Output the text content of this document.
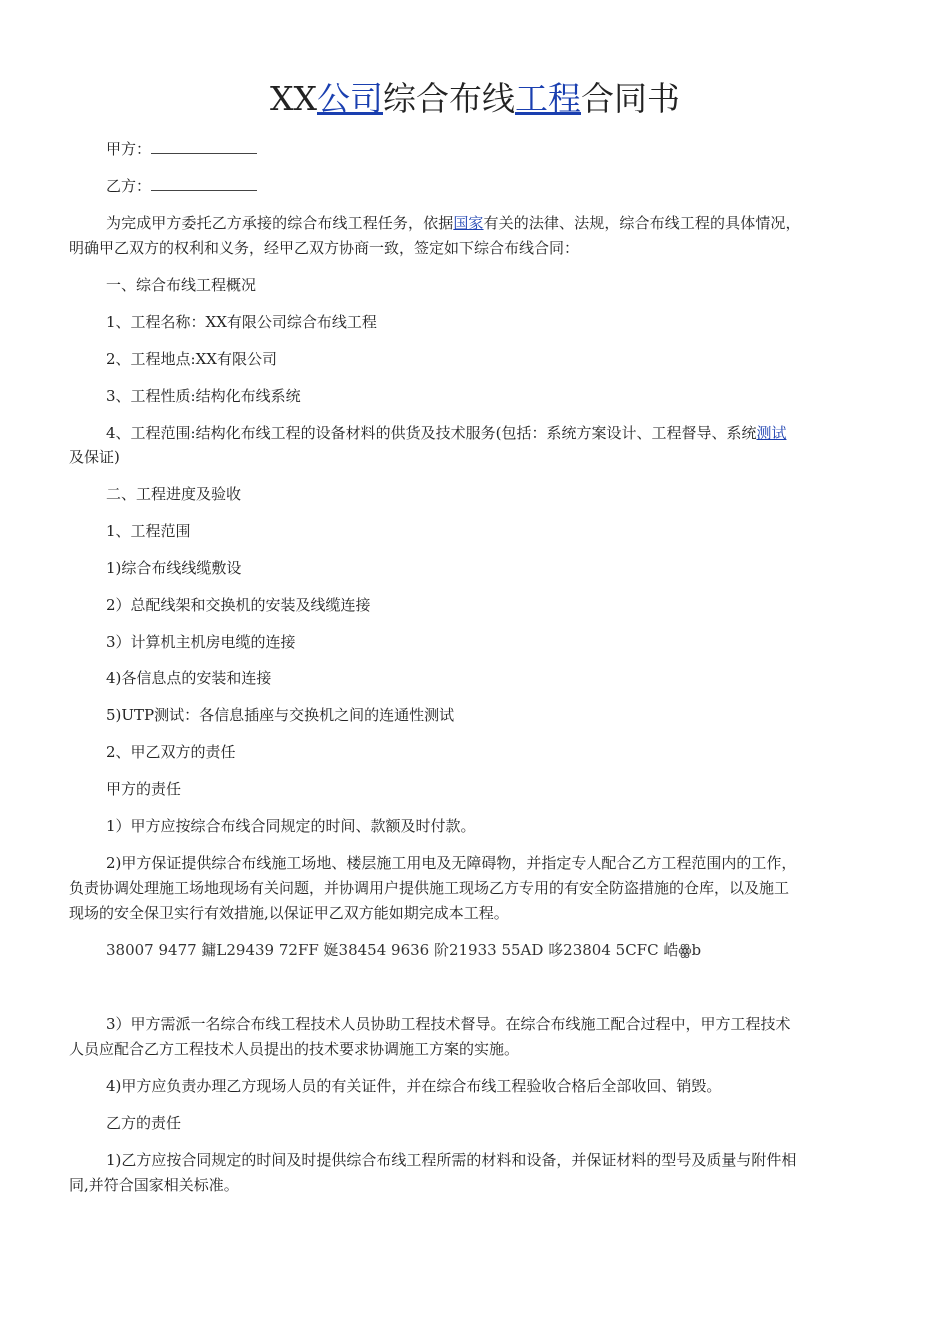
XX公司综合布线工程合同书
甲方：
乙方：
为完成甲方委托乙方承接的综合布线工程任务，依据国家有关的法律、法规，综合布线工程的具体情况，
明确甲乙双方的权利和义务，经甲乙双方协商一致，签定如下综合布线合同：
一、综合布线工程概况
1、工程名称：XX有限公司综合布线工程
2、工程地点:XX有限公司
3、工程性质:结构化布线系统
4、工程范围:结构化布线工程的设备材料的供货及技术服务(包括：系统方案设计、工程督导、系统测试
及保证)
二、工程进度及验收
1、工程范围
1)综合布线线缆敷设
2）总配线架和交换机的安装及线缆连接
3）计算机主机房电缆的连接
4)各信息点的安装和连接
5)UTP测试：各信息插座与交换机之间的连通性测试
2、甲乙双方的责任
甲方的责任
1）甲方应按综合布线合同规定的时间、款额及时付款。
2)甲方保证提供综合布线施工场地、楼层施工用电及无障碍物，并指定专人配合乙方工程范围内的工作，
负责协调处理施工场地现场有关问题，并协调用户提供施工现场乙方专用的有安全防盗措施的仓库，以及施工
现场的安全保卫实行有效措施,以保证甲乙双方能如期完成本工程。
38007 9477 鏞L29439 72FF 娫38454 9636 阶21933 55AD 哆23804 5CFC 峼ꙮb
3）甲方需派一名综合布线工程技术人员协助工程技术督导。在综合布线施工配合过程中，甲方工程技术
人员应配合乙方工程技术人员提出的技术要求协调施工方案的实施。
4)甲方应负责办理乙方现场人员的有关证件，并在综合布线工程验收合格后全部收回、销毁。
乙方的责任
1)乙方应按合同规定的时间及时提供综合布线工程所需的材料和设备，并保证材料的型号及质量与附件相
同,并符合国家相关标准。
